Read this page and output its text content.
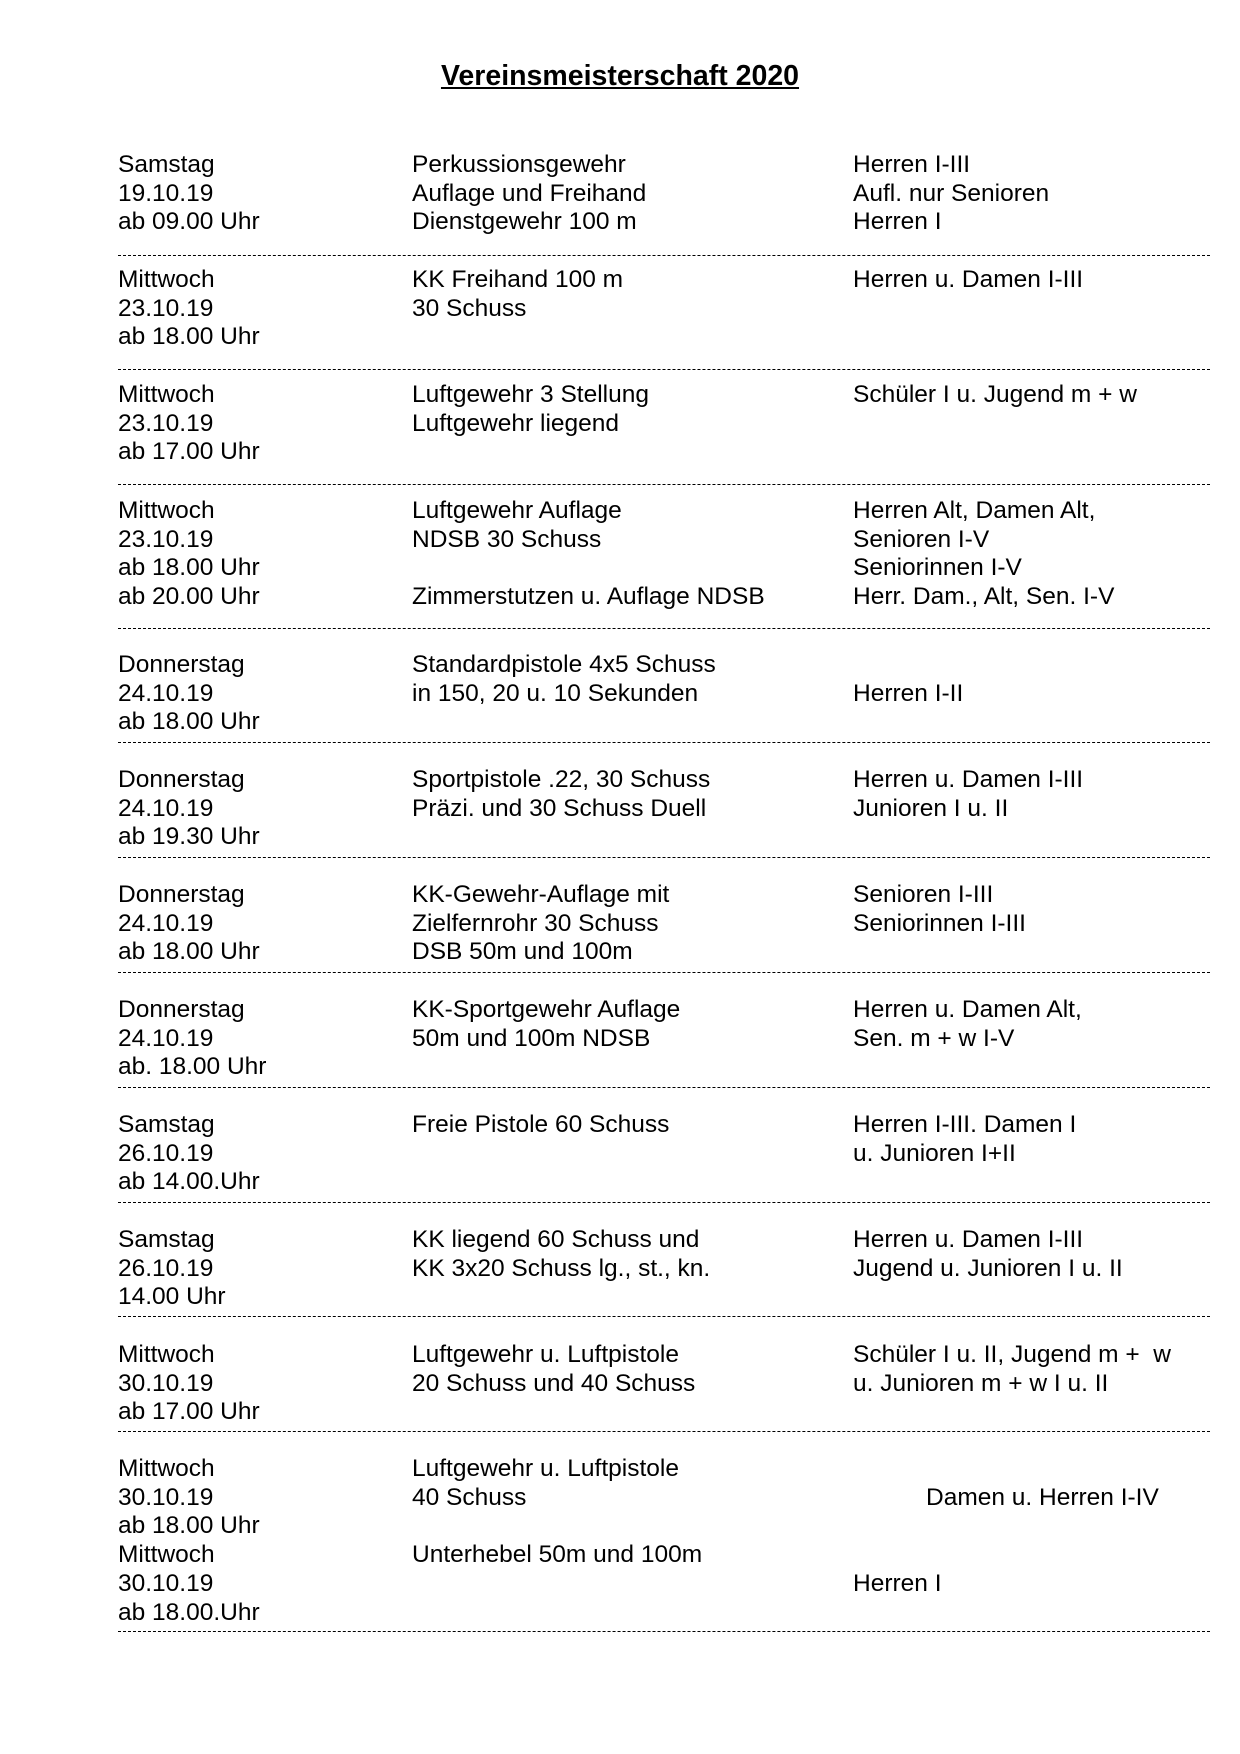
Vereinsmeisterschaft 2020
Samstag
19.10.19
ab 09.00 Uhr
Perkussionsgewehr
Auflage und Freihand
Dienstgewehr 100 m
Herren I-III
Aufl. nur Senioren
Herren I
Mittwoch
23.10.19
ab 18.00 Uhr
KK Freihand 100 m
30 Schuss
Herren u. Damen I-III
Mittwoch
23.10.19
ab 17.00 Uhr
Luftgewehr 3 Stellung
Luftgewehr liegend
Schüler I u. Jugend m + w
Mittwoch
23.10.19
ab 18.00 Uhr
ab 20.00 Uhr
Luftgewehr Auflage
NDSB 30 Schuss
Zimmerstutzen u. Auflage NDSB
Herren Alt, Damen Alt,
Senioren I-V
Seniorinnen I-V
Herr. Dam., Alt, Sen. I-V
Donnerstag
24.10.19
ab 18.00 Uhr
Standardpistole 4x5 Schuss
in 150, 20 u. 10 Sekunden	Herren I-II
Donnerstag
24.10.19
ab 19.30 Uhr
Sportpistole .22, 30 Schuss
Präzi. und 30 Schuss Duell
Herren u. Damen I-III
Junioren I u. II
Donnerstag
24.10.19
ab 18.00 Uhr
KK-Gewehr-Auflage mit
Zielfernrohr 30 Schuss
DSB 50m und 100m
Senioren I-III
Seniorinnen I-III
Donnerstag
24.10.19
ab. 18.00 Uhr
KK-Sportgewehr Auflage
50m und 100m NDSB
Herren u. Damen Alt,
Sen. m + w I-V
Samstag
26.10.19
ab 14.00.Uhr
Freie Pistole 60 Schuss	Herren I-III. Damen I
u. Junioren I+II
Samstag
26.10.19
14.00 Uhr
KK liegend 60 Schuss und
KK 3x20 Schuss lg., st., kn.
Herren u. Damen I-III
Jugend u. Junioren I u. II
Mittwoch
30.10.19
ab 17.00 Uhr
Luftgewehr u. Luftpistole
20 Schuss und 40 Schuss
Schüler I u. II, Jugend m +  w
u. Junioren m + w I u. II
Mittwoch
30.10.19
ab 18.00 Uhr
Mittwoch
30.10.19
ab 18.00.Uhr
Luftgewehr u. Luftpistole
40 Schuss
Unterhebel 50m und 100m
Damen u. Herren I-IV
Herren I
